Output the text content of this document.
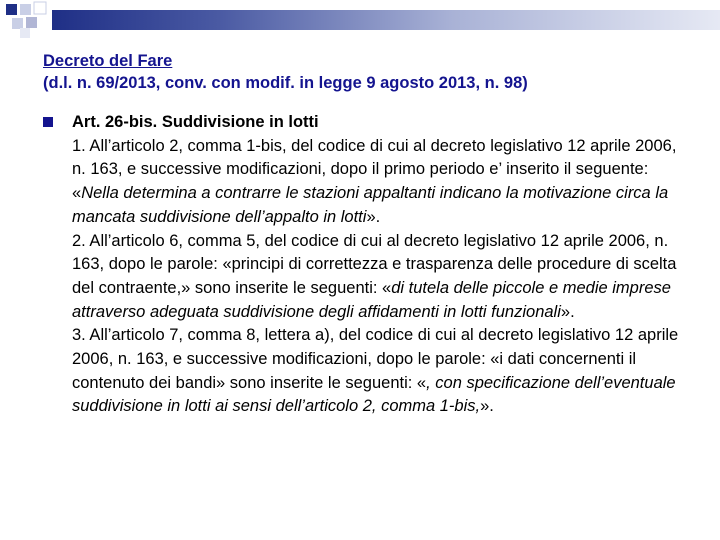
Decreto del Fare
(d.l. n. 69/2013, conv. con modif. in legge 9 agosto 2013, n. 98)

Art. 26-bis. Suddivisione in lotti

1. All’articolo 2, comma 1-bis, del codice di cui al decreto legislativo 12 aprile 2006, n. 163, e successive modificazioni, dopo il primo periodo e’ inserito il seguente: «Nella determina a contrarre le stazioni appaltanti indicano la motivazione circa la mancata suddivisione dell’appalto in lotti».

2. All’articolo 6, comma 5, del codice di cui al decreto legislativo 12 aprile 2006, n. 163, dopo le parole: «principi di correttezza e trasparenza delle procedure di scelta del contraente,» sono inserite le seguenti: «di tutela delle piccole e medie imprese attraverso adeguata suddivisione degli affidamenti in lotti funzionali».

3. All’articolo 7, comma 8, lettera a), del codice di cui al decreto legislativo 12 aprile 2006, n. 163, e successive modificazioni, dopo le parole: «i dati concernenti il contenuto dei bandi» sono inserite le seguenti: «, con specificazione dell’eventuale suddivisione in lotti ai sensi dell’articolo 2, comma 1-bis,».
